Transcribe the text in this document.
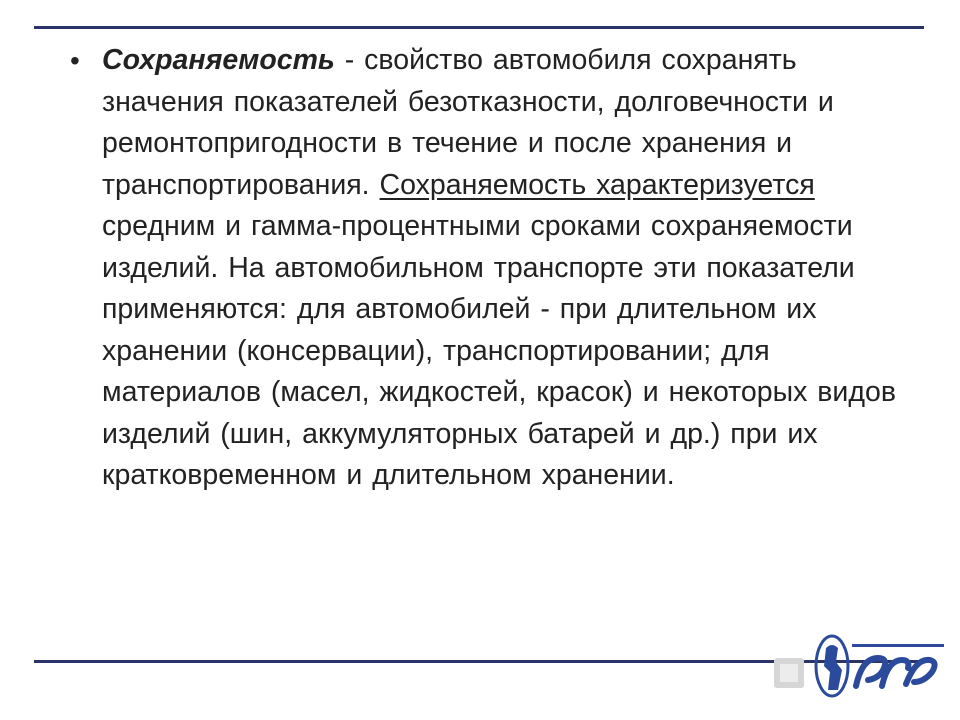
• Сохраняемость - свойство автомобиля сохранять значения показателей безотказности, долговечности и ремонтопригодности в течение и после хранения и транспортирования. Сохраняемость характеризуется средним и гамма-процентными сроками сохраняемости изделий. На автомобильном транспорте эти показатели применяются: для автомобилей - при длительном их хранении (консервации), транспортировании; для материалов (масел, жидкостей, красок) и некоторых видов изделий (шин, аккумуляторных батарей и др.) при их кратковременном и длительном хранении.
